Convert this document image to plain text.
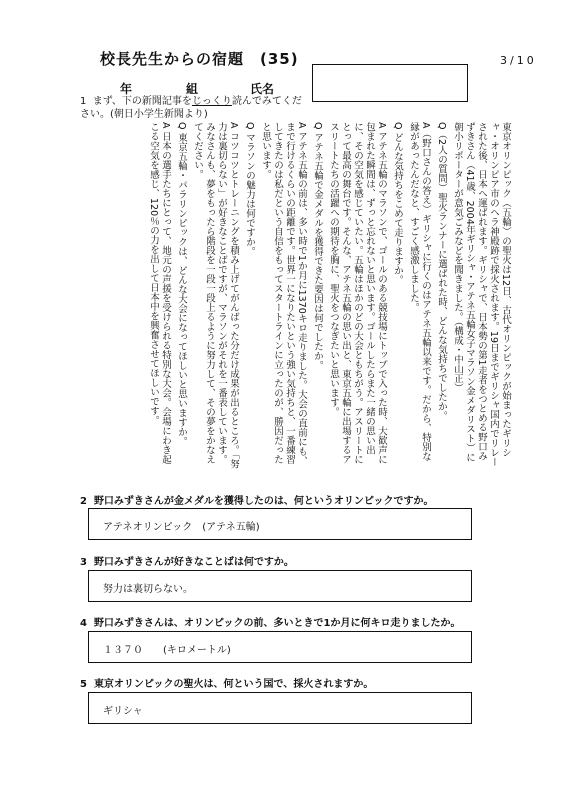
校長先生からの宿題　(35)	3/10
年	組	氏名
1 まず、下の新聞記事をじっくり読んでみてください。(朝日小学生新聞より)

東京オリンピック（五輪）の聖火は12日、古代オリンピックが始まったギリシャ・オリンピア市のヘラ神殿跡で採火されます。19日までギリシャ国内でリレーされた後、日本へ運ばれます。ギリシャで、日本勢の第1走者をつとめる野口みずきさん（41歳、2004年ギリシャ・アテネ五輪女子マラソン金メダリスト）に朝小リポーターが意気ごみなどを聞きました。（構成・中山正）

Q（2人の質問）聖火ランナーに選ばれた時、どんな気持ちでしたか。

A（野口さんの答え）ギリシャに行くのはアテネ五輪以来です。だから、特別な縁があったんだなと、すごく感激しました。

Q どんな気持ちをこめて走りますか。

A アテネ五輪のマラソンで、ゴールのある競技場にトップで入った時、大歓声に包まれた瞬間は、ずっと忘れないと思います。ゴールしたらまた一緒の思い出に、その空気を感じていたい。五輪はほかのどの大会ともちがう。アスリートにとって最高の舞台です。そんな、アテネ五輪の思い出と、東京五輪に出場するアスリートたちの活躍への期待を胸に、聖火をつなぎたいと思います。

Q アテネ五輪で金メダルを獲得できた要因は何でしたか。

A アテネ五輪の前は、多い時で1か月に1370キロ走りました。大会の直前にも、まで行けるくらいの距離です。世界一になりたいという強い気持ちと、一番練習してきたのは私だという自信をもってスタートラインに立ったのが、勝因だったと思います。

Q マラソンの魅力は何ですか。

A コツコツとトレーニングを積み上げてがんばった分だけ成果が出るところ。「努力は裏切らない」が好きなことばですが、マラソンがそれを一番表しています。みなさんも、夢をもったら階段を一段一段上るように努力して、その夢をかなえてください。

Q 東京五輪・パラリンピックは、どんな大会になってほしいと思いますか。

A 日本の選手たちにとって、地元の声援を受けられる特別な大会。会場にわき起こる空気を感じ、120％の力を出して日本中を興奮させてほしいです。

2 野口みずきさんが金メダルを獲得したのは、何というオリンピックですか。
アテネオリンピック　(アテネ五輪)
3 野口みずきさんが好きなことばは何ですか。
努力は裏切らない。
4 野口みずきさんは、オリンピックの前、多いときで1か月に何キロ走りましたか。
１３７０　　(キロメートル)
5 東京オリンピックの聖火は、何という国で、採火されますか。
ギリシャ
